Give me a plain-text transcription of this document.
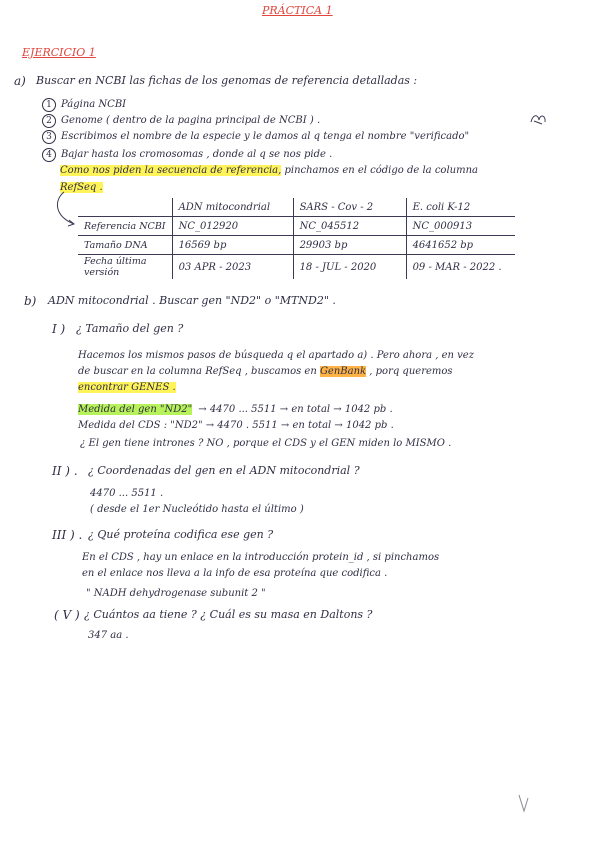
PRÁCTICA 1
EJERCICIO 1
a) Buscar en NCBI las fichas de los genomas de referencia detalladas :
1 Página NCBI
2 Genome ( dentro de la pagina principal de NCBI ) .
3 Escribimos el nombre de la especie y le damos al q tenga el nombre "verificado"
4 Bajar hasta los cromosomas , donde al q se nos pide .
Como nos piden la secuencia de referencia, pinchamos en el código de la columna
RefSeq .
	ADN mitocondrial	SARS - Cov - 2	E. coli K-12
Referencia NCBI	NC_012920	NC_045512	NC_000913
Tamaño DNA	16569 bp	29903 bp	4641652 bp
Fecha última versión	03 APR - 2023	18 - JUL - 2020	09 - MAR - 2022 .
b) ADN mitocondrial . Buscar gen "ND2" o "MTND2" .
I ) ¿ Tamaño del gen ?
Hacemos los mismos pasos de búsqueda q el apartado a) . Pero ahora , en vez
de buscar en la columna RefSeq , buscamos en GenBank , porq queremos
encontrar GENES .
Medida del gen "ND2" → 4470 ... 5511 → en total → 1042 pb .
Medida del CDS : "ND2" → 4470 . 5511 → en total → 1042 pb .
¿ El gen tiene intrones ? NO , porque el CDS y el GEN miden lo MISMO .
II ) . ¿ Coordenadas del gen en el ADN mitocondrial ?
4470 ... 5511 .
( desde el 1er Nucleótido hasta el último )
III ) . ¿ Qué proteína codifica ese gen ?
En el CDS , hay un enlace en la introducción protein_id , si pinchamos
en el enlace nos lleva a la info de esa proteína que codifica .
" NADH dehydrogenase subunit 2 "
( V ) ¿ Cuántos aa tiene ? ¿ Cuál es su masa en Daltons ?
347 aa .
